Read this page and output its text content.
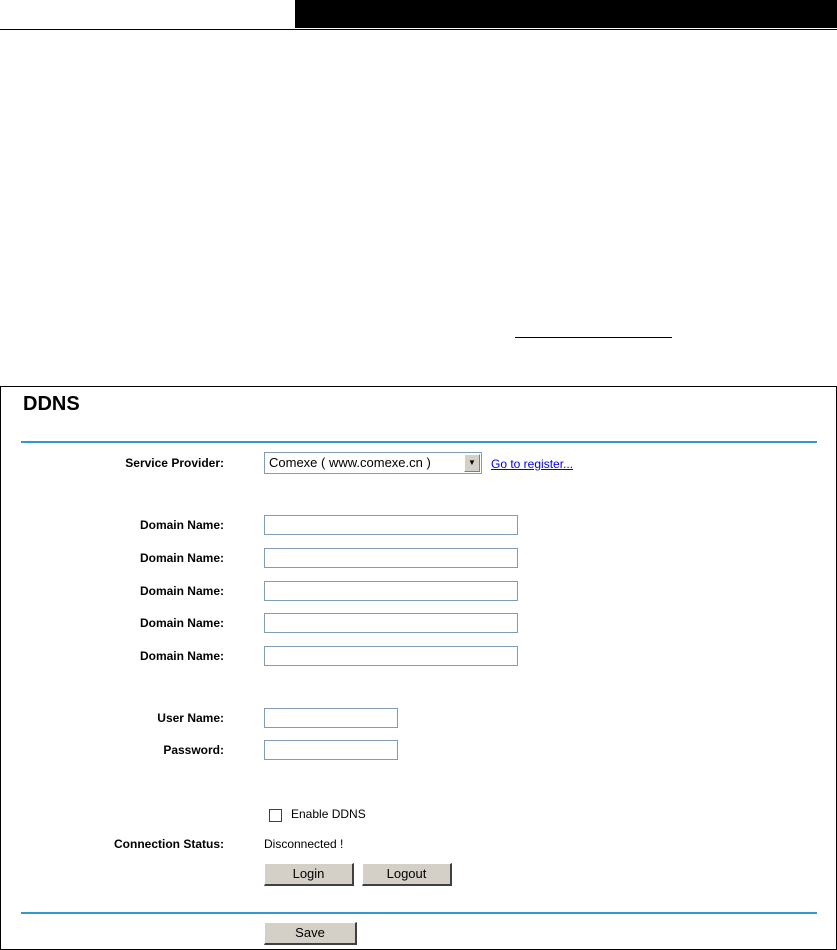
DDNS
Service Provider:	Comexe ( www.comexe.cn )	▼	Go to register...
Domain Name:
Domain Name:
Domain Name:
Domain Name:
Domain Name:
User Name:
Password:
Enable DDNS
Connection Status:	Disconnected !
Login	Logout
Save
